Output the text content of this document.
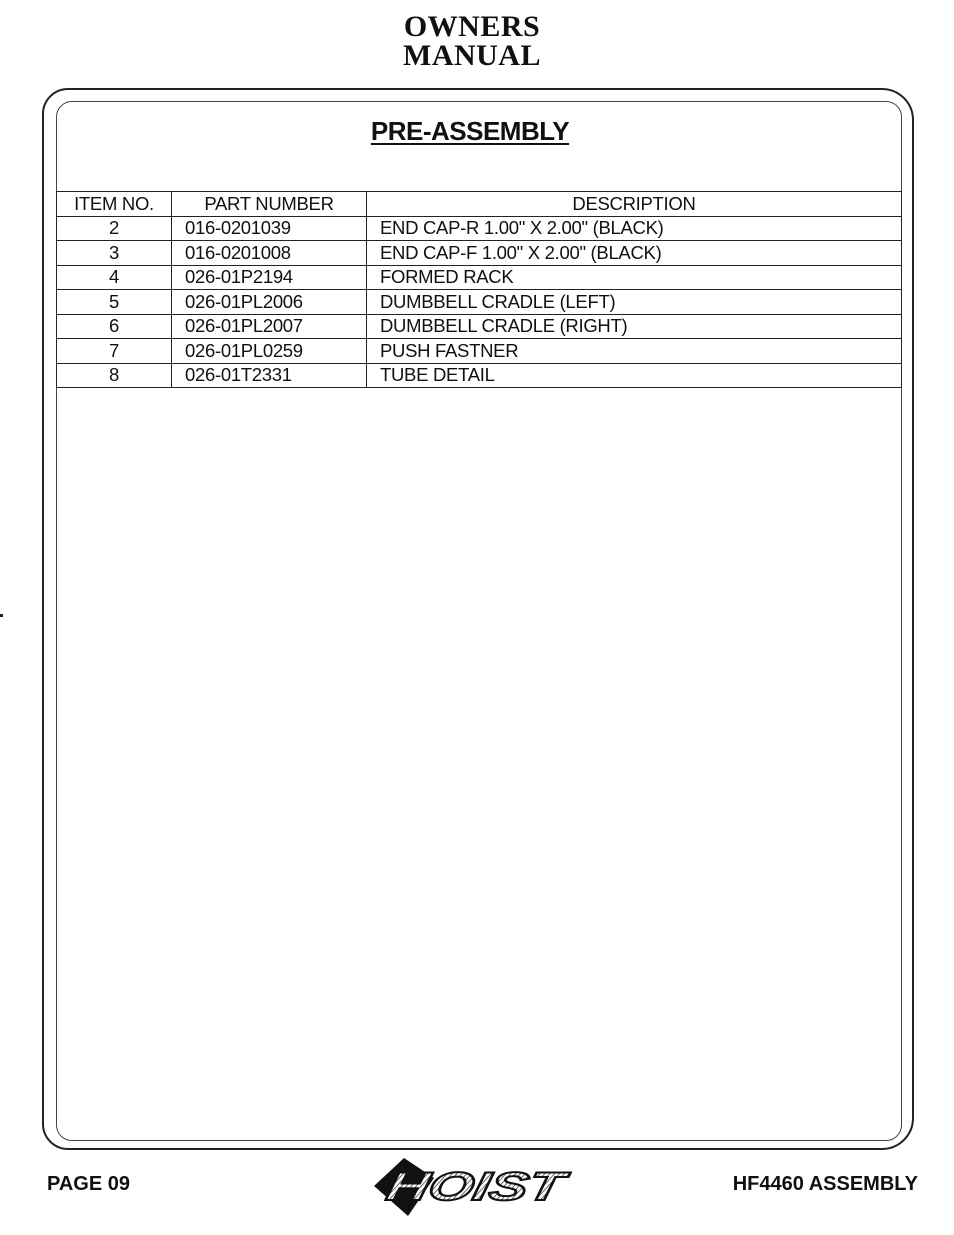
OWNERS
MANUAL
PRE-ASSEMBLY
ITEM NO.	PART NUMBER	DESCRIPTION
2	016-0201039	END CAP-R 1.00" X 2.00" (BLACK)
3	016-0201008	END CAP-F 1.00" X 2.00" (BLACK)
4	026-01P2194	FORMED RACK
5	026-01PL2006	DUMBBELL CRADLE (LEFT)
6	026-01PL2007	DUMBBELL CRADLE (RIGHT)
7	026-01PL0259	PUSH FASTNER
8	026-01T2331	TUBE DETAIL
PAGE 09	HOIST	HF4460 ASSEMBLY
